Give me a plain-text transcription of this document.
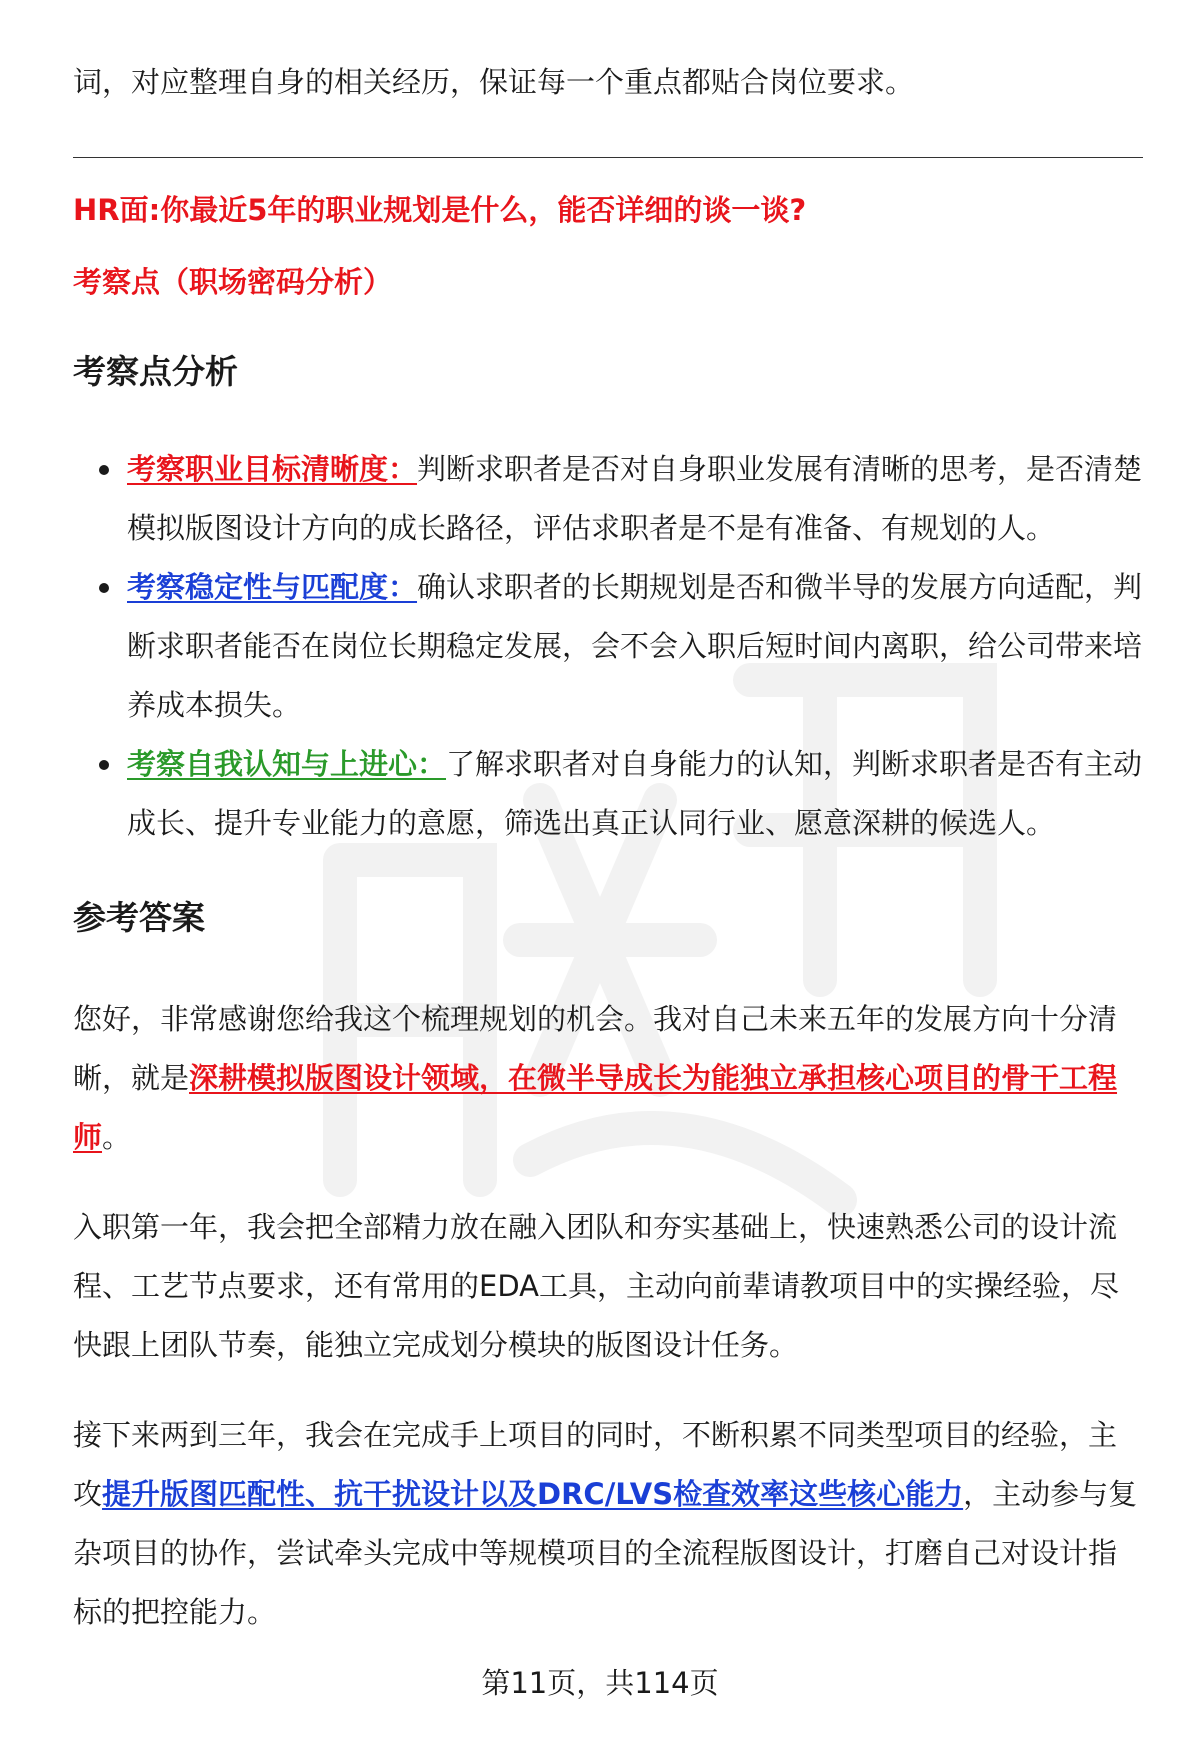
词，对应整理自身的相关经历，保证每一个重点都贴合岗位要求。

HR面:你最近5年的职业规划是什么，能否详细的谈一谈?
考察点（职场密码分析）
考察点分析
考察职业目标清晰度：判断求职者是否对自身职业发展有清晰的思考，是否清楚模拟版图设计方向的成长路径，评估求职者是不是有准备、有规划的人。
考察稳定性与匹配度：确认求职者的长期规划是否和微半导的发展方向适配，判断求职者能否在岗位长期稳定发展，会不会入职后短时间内离职，给公司带来培养成本损失。
考察自我认知与上进心：了解求职者对自身能力的认知，判断求职者是否有主动成长、提升专业能力的意愿，筛选出真正认同行业、愿意深耕的候选人。
参考答案

您好，非常感谢您给我这个梳理规划的机会。我对自己未来五年的发展方向十分清晰，就是深耕模拟版图设计领域，在微半导成长为能独立承担核心项目的骨干工程师。

入职第一年，我会把全部精力放在融入团队和夯实基础上，快速熟悉公司的设计流程、工艺节点要求，还有常用的EDA工具，主动向前辈请教项目中的实操经验，尽快跟上团队节奏，能独立完成划分模块的版图设计任务。

接下来两到三年，我会在完成手上项目的同时，不断积累不同类型项目的经验，主攻提升版图匹配性、抗干扰设计以及DRC/LVS检查效率这些核心能力，主动参与复杂项目的协作，尝试牵头完成中等规模项目的全流程版图设计，打磨自己对设计指标的把控能力。

第11页，共114页
